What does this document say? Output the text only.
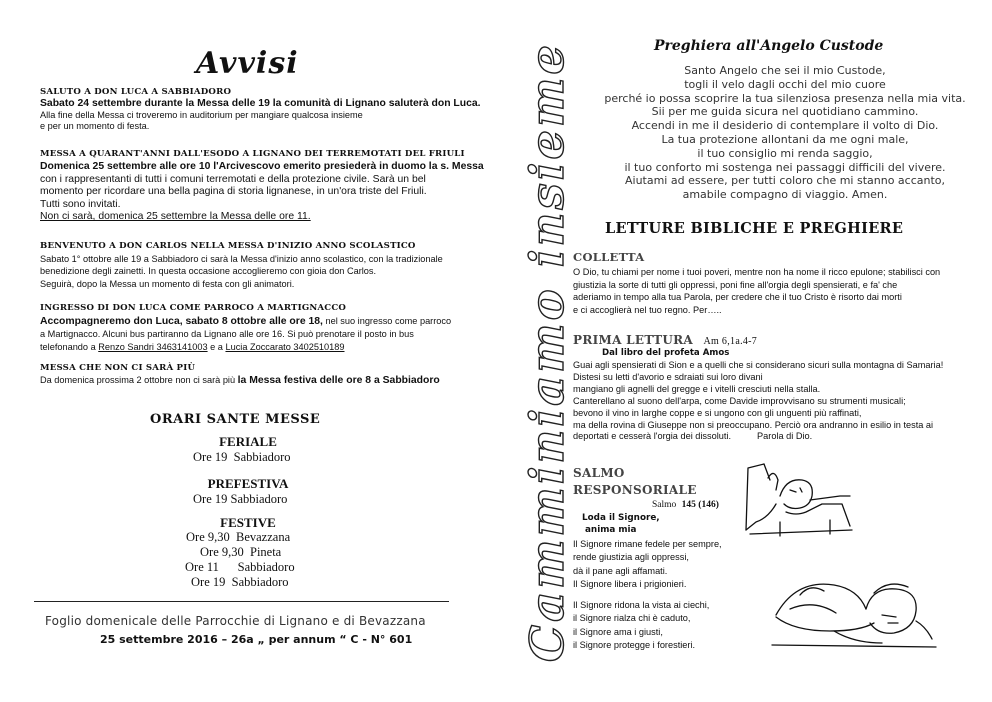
Avvisi
SALUTO A DON LUCA A SABBIADORO
Sabato 24 settembre durante la Messa delle 19 la comunità di Lignano saluterà don Luca.
Alla fine della Messa ci troveremo in auditorium per mangiare qualcosa insieme
e per un momento di festa.
MESSA A QUARANT'ANNI DALL'ESODO A LIGNANO DEI TERREMOTATI DEL FRIULI
Domenica 25 settembre alle ore 10 l'Arcivescovo emerito presiederà in duomo la s. Messa
con i rappresentanti di tutti i comuni terremotati e della protezione civile. Sarà un bel
momento per ricordare una bella pagina di storia lignanese, in un'ora triste del Friuli.
Tutti sono invitati.
Non ci sarà, domenica 25 settembre la Messa delle ore 11.
BENVENUTO A DON CARLOS NELLA MESSA D'INIZIO ANNO SCOLASTICO
Sabato 1° ottobre alle 19 a Sabbiadoro ci sarà la Messa d'inizio anno scolastico, con la tradizionale
benedizione degli zainetti. In questa occasione accoglieremo con gioia don Carlos.
Seguirà, dopo la Messa un momento di festa con gli animatori.
INGRESSO DI DON LUCA COME PARROCO A MARTIGNACCO
Accompagneremo don Luca, sabato 8 ottobre alle ore 18, nel suo ingresso come parroco
a Martignacco. Alcuni bus partiranno da Lignano alle ore 16. Si può prenotare il posto in bus
telefonando a Renzo Sandri 3463141003 e a Lucia Zoccarato 3402510189
MESSA CHE NON CI SARÀ PIÙ
Da domenica prossima 2 ottobre non ci sarà più la Messa festiva delle ore 8 a Sabbiadoro
ORARI SANTE MESSE
FERIALE
Ore 19  Sabbiadoro
PREFESTIVA
Ore 19 Sabbiadoro
FESTIVE
Ore 9,30  Bevazzana
Ore 9,30  Pineta
Ore 11      Sabbiadoro
Ore 19  Sabbiadoro
Foglio domenicale delle Parrocchie di Lignano e di Bevazzana
25 settembre 2016 – 26a „ per annum “ C - N° 601 Camminiamo insieme
Preghiera all'Angelo Custode
Santo Angelo che sei il mio Custode,
togli il velo dagli occhi del mio cuore
perché io possa scoprire la tua silenziosa presenza nella mia vita.
Sii per me guida sicura nel quotidiano cammino.
Accendi in me il desiderio di contemplare il volto di Dio.
La tua protezione allontani da me ogni male,
il tuo consiglio mi renda saggio,
il tuo conforto mi sostenga nei passaggi difficili del vivere.
Aiutami ad essere, per tutti coloro che mi stanno accanto,
amabile compagno di viaggio. Amen.
LETTURE BIBLICHE E PREGHIERE
COLLETTA
O Dio, tu chiami per nome i tuoi poveri, mentre non ha nome il ricco epulone; stabilisci con
giustizia la sorte di tutti gli oppressi, poni fine all'orgia degli spensierati, e fa' che
aderiamo in tempo alla tua Parola, per credere che il tuo Cristo è risorto dai morti
e ci accoglierà nel tuo regno. Per…..
PRIMA LETTURA Am 6,1a.4-7
Dal libro del profeta Amos
Guai agli spensierati di Sion e a quelli che si considerano sicuri sulla montagna di Samaria!
Distesi su letti d'avorio e sdraiati sui loro divani
mangiano gli agnelli del gregge e i vitelli cresciuti nella stalla.
Canterellano al suono dell'arpa, come Davide improvvisano su strumenti musicali;
bevono il vino in larghe coppe e si ungono con gli unguenti più raffinati,
ma della rovina di Giuseppe non si preoccupano. Perciò ora andranno in esilio in testa ai
deportati e cesserà l'orgia dei dissoluti.	Parola di Dio.
SALMO
RESPONSORIALE
Salmo 145 (146)
Loda il Signore,
anima mia
Il Signore rimane fedele per sempre,
rende giustizia agli oppressi,
dà il pane agli affamati.
Il Signore libera i prigionieri.
Il Signore ridona la vista ai ciechi,
il Signore rialza chi è caduto,
il Signore ama i giusti,
il Signore protegge i forestieri.
